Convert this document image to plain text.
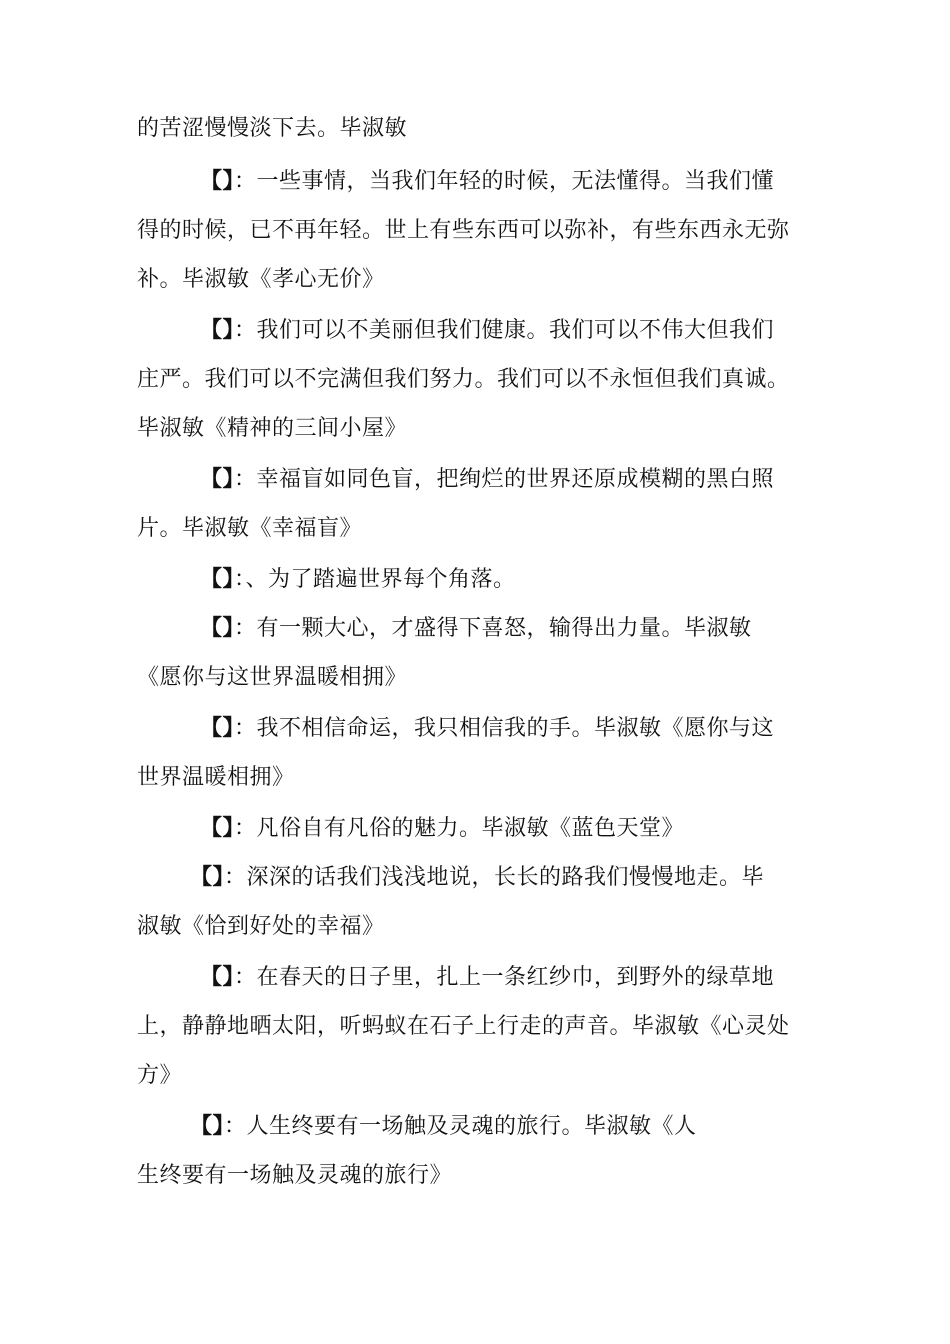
的苦涩慢慢淡下去。毕淑敏
【】：一些事情，当我们年轻的时候，无法懂得。当我们懂
得的时候，已不再年轻。世上有些东西可以弥补，有些东西永无弥
补。毕淑敏《孝心无价》
【】：我们可以不美丽但我们健康。我们可以不伟大但我们
庄严。我们可以不完满但我们努力。我们可以不永恒但我们真诚。
毕淑敏《精神的三间小屋》
【】：幸福盲如同色盲，把绚烂的世界还原成模糊的黑白照
片。毕淑敏《幸福盲》
【】：、为了踏遍世界每个角落。
【】：有一颗大心，才盛得下喜怒，输得出力量。毕淑敏
《愿你与这世界温暖相拥》
【】：我不相信命运，我只相信我的手。毕淑敏《愿你与这
世界温暖相拥》
【】：凡俗自有凡俗的魅力。毕淑敏《蓝色天堂》
【】：深深的话我们浅浅地说，长长的路我们慢慢地走。毕
淑敏《恰到好处的幸福》
【】：在春天的日子里，扎上一条红纱巾，到野外的绿草地
上，静静地晒太阳，听蚂蚁在石子上行走的声音。毕淑敏《心灵处
方》
【】：人生终要有一场触及灵魂的旅行。毕淑敏《人
生终要有一场触及灵魂的旅行》
